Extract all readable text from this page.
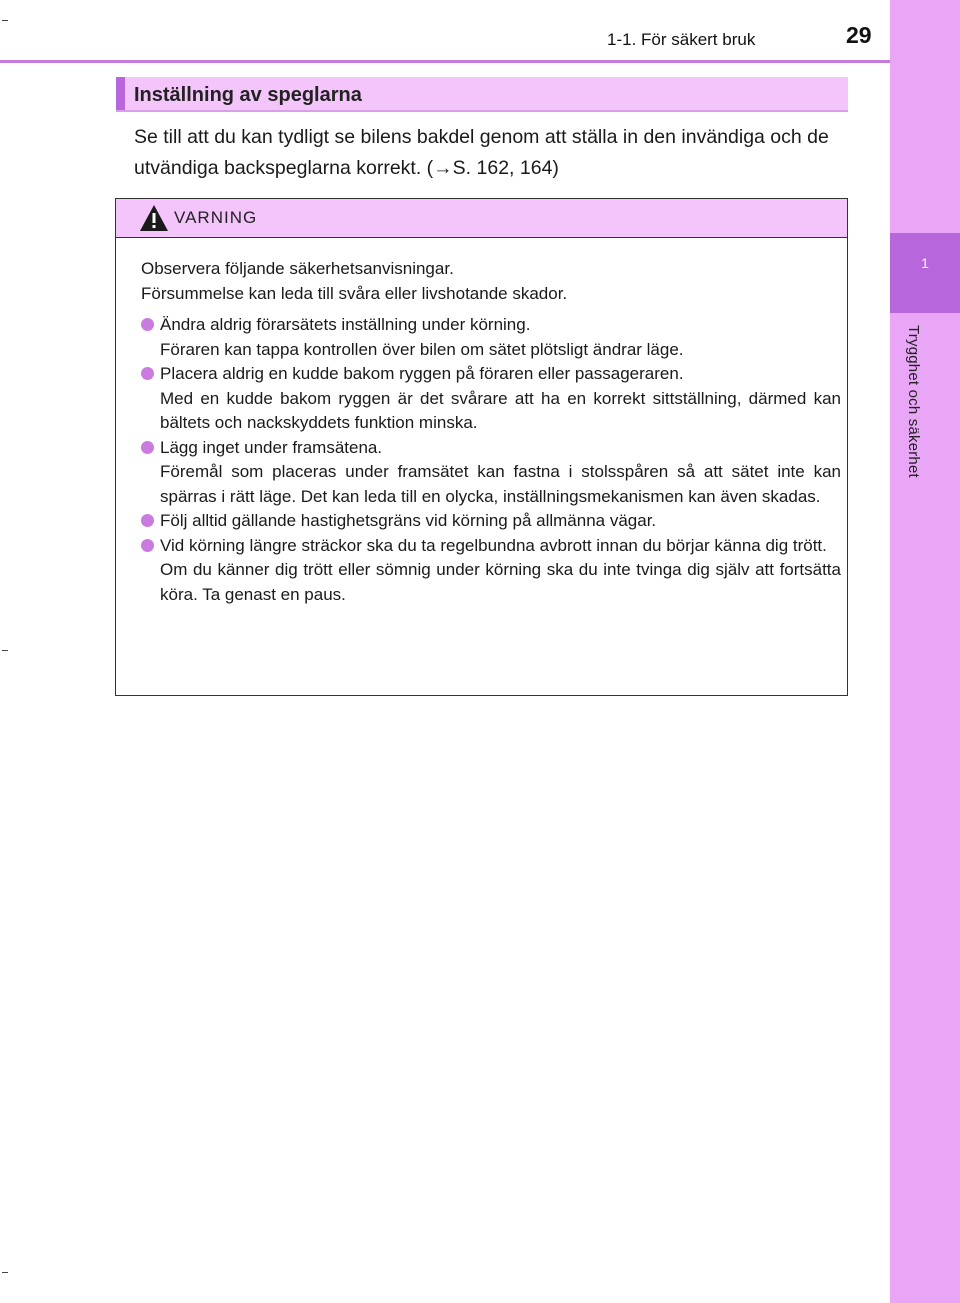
1-1. För säkert bruk	29
1
Trygghet och säkerhet
Inställning av speglarna
Se till att du kan tydligt se bilens bakdel genom att ställa in den invändiga och de utvändiga backspeglarna korrekt. (→S. 162, 164)
VARNING

Observera följande säkerhetsanvisningar.
Försummelse kan leda till svåra eller livshotande skador.

Ändra aldrig förarsätets inställning under körning.
Föraren kan tappa kontrollen över bilen om sätet plötsligt ändrar läge.

Placera aldrig en kudde bakom ryggen på föraren eller passageraren.
Med en kudde bakom ryggen är det svårare att ha en korrekt sittställning, därmed kan bältets och nackskyddets funktion minska.

Lägg inget under framsätena.
Föremål som placeras under framsätet kan fastna i stolsspåren så att sätet inte kan spärras i rätt läge. Det kan leda till en olycka, inställningsmekanismen kan även skadas.

Följ alltid gällande hastighetsgräns vid körning på allmänna vägar.

Vid körning längre sträckor ska du ta regelbundna avbrott innan du börjar känna dig trött.
Om du känner dig trött eller sömnig under körning ska du inte tvinga dig själv att fortsätta köra. Ta genast en paus.
